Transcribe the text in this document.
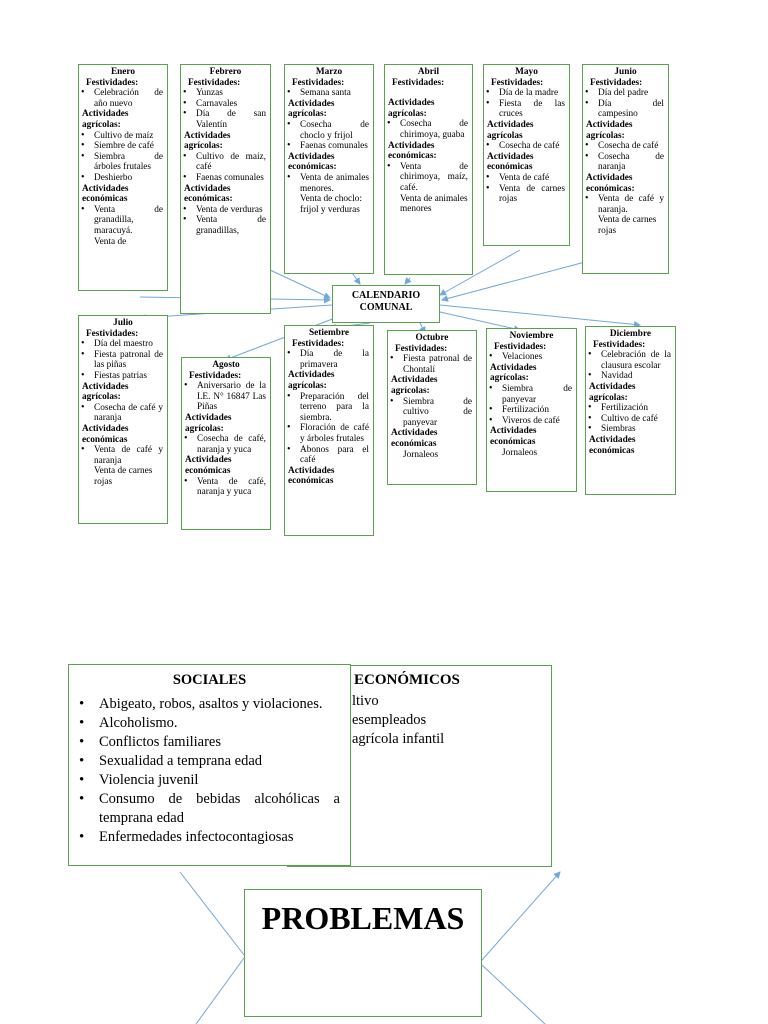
Enero
Festividades:
• Celebración de año nuevo
Actividades agrícolas:
• Cultivo de maíz
• Siembre de café
• Siembra de árboles frutales
• Deshierbo
Actividades económicas
• Venta de granadilla, maracuyá.
Venta de
Febrero
Festividades:
• Yunzas
• Carnavales
• Día de san Valentín
Actividades agrícolas:
• Cultivo de maíz, café
• Faenas comunales
Actividades económicas:
• Venta de verduras
• Venta de granadillas,
Marzo
Festividades:
• Semana santa
Actividades agrícolas:
• Cosecha de choclo y frijol
• Faenas comunales
Actividades económicas:
• Venta de animales menores.
Venta de choclo: frijol y verduras
Abril
Festividades:
Actividades agrícolas:
• Cosecha de chirimoya, guaba
Actividades económicas:
• Venta de chirimoya, maíz, café.
Venta de animales menores
Mayo
Festividades:
• Día de la madre
• Fiesta de las cruces
Actividades agrícolas
• Cosecha de café
Actividades económicas
• Venta de café
• Venta de carnes rojas
Junio
Festividades:
• Día del padre
• Día del campesino
Actividades agrícolas:
• Cosecha de café
• Cosecha de naranja
Actividades económicas:
• Venta de café y naranja.
Venta de carnes rojas
Julio
Festividades:
• Día del maestro
• Fiesta patronal de las piñas
• Fiestas patrias
Actividades agrícolas:
• Cosecha de café y naranja
Actividades económicas
• Venta de café y naranja
Venta de carnes rojas
Agosto
Festividades:
• Aniversario de la I.E. N° 16847 Las Piñas
Actividades agrícolas:
• Cosecha de café, naranja y yuca
Actividades económicas
• Venta de café, naranja y yuca
Setiembre
Festividades:
• Día de la primavera
Actividades agrícolas:
• Preparación del terreno para la siembra.
• Floración de café y árboles frutales
• Abonos para el café
Actividades económicas
Octubre
Festividades:
• Fiesta patronal de Chontalí
Actividades agrícolas:
• Siembra de cultivo de panyevar
Actividades económicas
Jornaleos
Noviembre
Festividades:
• Velaciones
Actividades agrícolas:
• Siembra de panyevar
• Fertilización
• Viveros de café
Actividades económicas
Jornaleos
Diciembre
Festividades:
• Celebración de la clausura escolar
• Navidad
Actividades agrícolas:
• Fertilización
• Cultivo de café
• Siembras
Actividades económicas
CALENDARIO
COMUNAL
ECONÓMICOS
ltivo
esempleados
agrícola infantil
SOCIALES
• Abigeato, robos, asaltos y violaciones.
• Alcoholismo.
• Conflictos familiares
• Sexualidad a temprana edad
• Violencia juvenil
• Consumo de bebidas alcohólicas a temprana edad
• Enfermedades infectocontagiosas
PROBLEMAS
